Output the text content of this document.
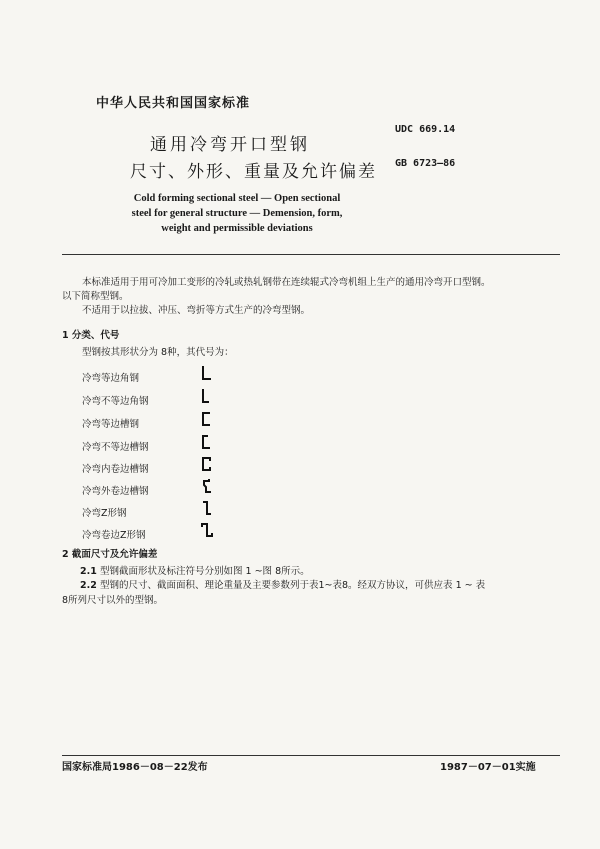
中华人民共和国国家标准
UDC 669.14
通用冷弯开口型钢
GB 6723—86
尺寸、外形、重量及允许偏差
Cold forming sectional steel — Open sectional
steel for general structure — Demension, form,
weight and permissible deviations
本标准适用于用可冷加工变形的冷轧或热轧钢带在连续辊式冷弯机组上生产的通用冷弯开口型钢。
以下简称型钢。
不适用于以拉拔、冲压、弯折等方式生产的冷弯型钢。
1 分类、代号
型钢按其形状分为 8种，其代号为：
冷弯等边角钢
冷弯不等边角钢
冷弯等边槽钢
冷弯不等边槽钢
冷弯内卷边槽钢
冷弯外卷边槽钢
冷弯Z形钢
冷弯卷边Z形钢
2 截面尺寸及允许偏差
2.1 型钢截面形状及标注符号分别如图 1 ~图 8所示。
2.2 型钢的尺寸、截面面积、理论重量及主要参数列于表1~表8。经双方协议，可供应表 1 ~ 表
8所列尺寸以外的型钢。
国家标准局1986－08－22发布	1987－07－01实施
